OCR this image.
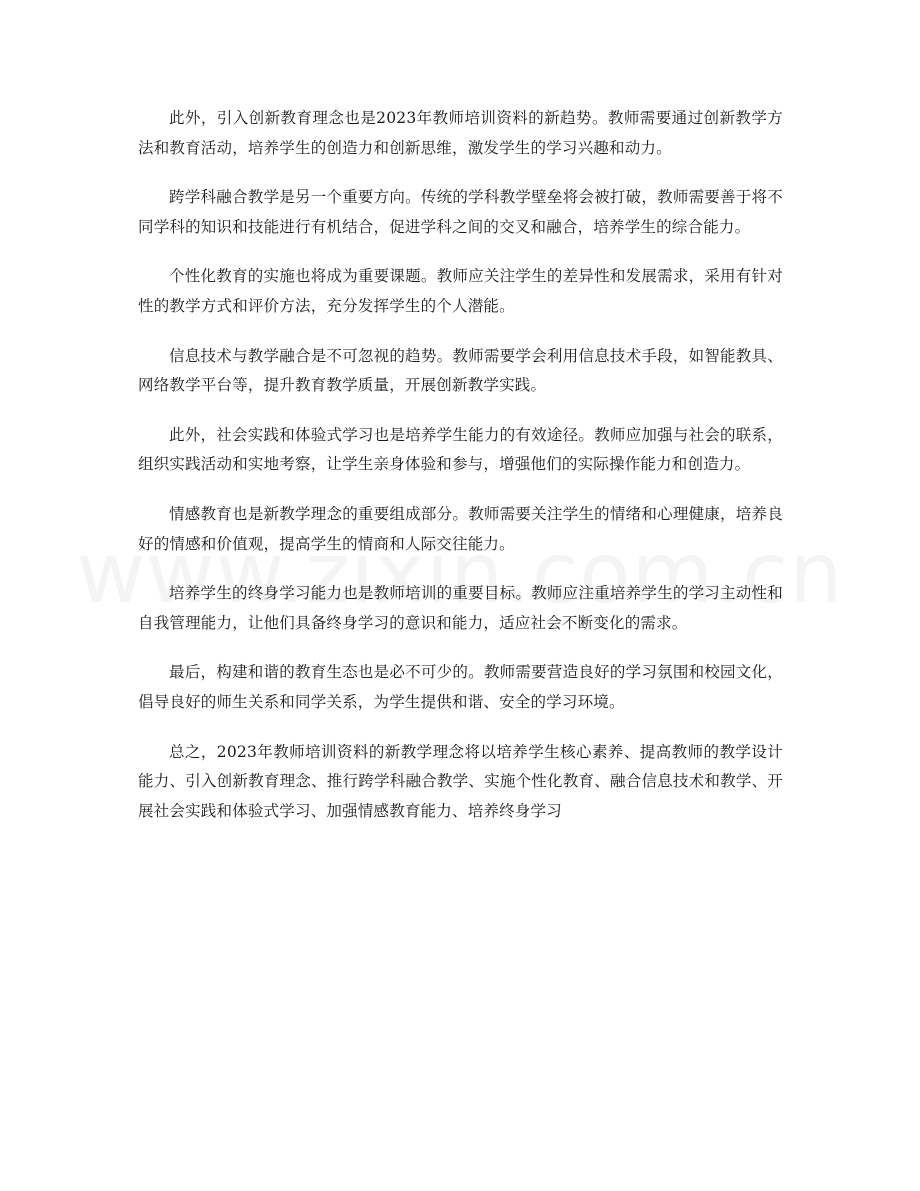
此外，引入创新教育理念也是2023年教师培训资料的新趋势。教师需要通过创新教学方法和教育活动，培养学生的创造力和创新思维，激发学生的学习兴趣和动力。

跨学科融合教学是另一个重要方向。传统的学科教学壁垒将会被打破，教师需要善于将不同学科的知识和技能进行有机结合，促进学科之间的交叉和融合，培养学生的综合能力。

个性化教育的实施也将成为重要课题。教师应关注学生的差异性和发展需求，采用有针对性的教学方式和评价方法，充分发挥学生的个人潜能。

信息技术与教学融合是不可忽视的趋势。教师需要学会利用信息技术手段，如智能教具、网络教学平台等，提升教育教学质量，开展创新教学实践。

此外，社会实践和体验式学习也是培养学生能力的有效途径。教师应加强与社会的联系，组织实践活动和实地考察，让学生亲身体验和参与，增强他们的实际操作能力和创造力。

情感教育也是新教学理念的重要组成部分。教师需要关注学生的情绪和心理健康，培养良好的情感和价值观，提高学生的情商和人际交往能力。

培养学生的终身学习能力也是教师培训的重要目标。教师应注重培养学生的学习主动性和自我管理能力，让他们具备终身学习的意识和能力，适应社会不断变化的需求。

最后，构建和谐的教育生态也是必不可少的。教师需要营造良好的学习氛围和校园文化，倡导良好的师生关系和同学关系，为学生提供和谐、安全的学习环境。

总之，2023年教师培训资料的新教学理念将以培养学生核心素养、提高教师的教学设计能力、引入创新教育理念、推行跨学科融合教学、实施个性化教育、融合信息技术和教学、开展社会实践和体验式学习、加强情感教育能力、培养终身学习
